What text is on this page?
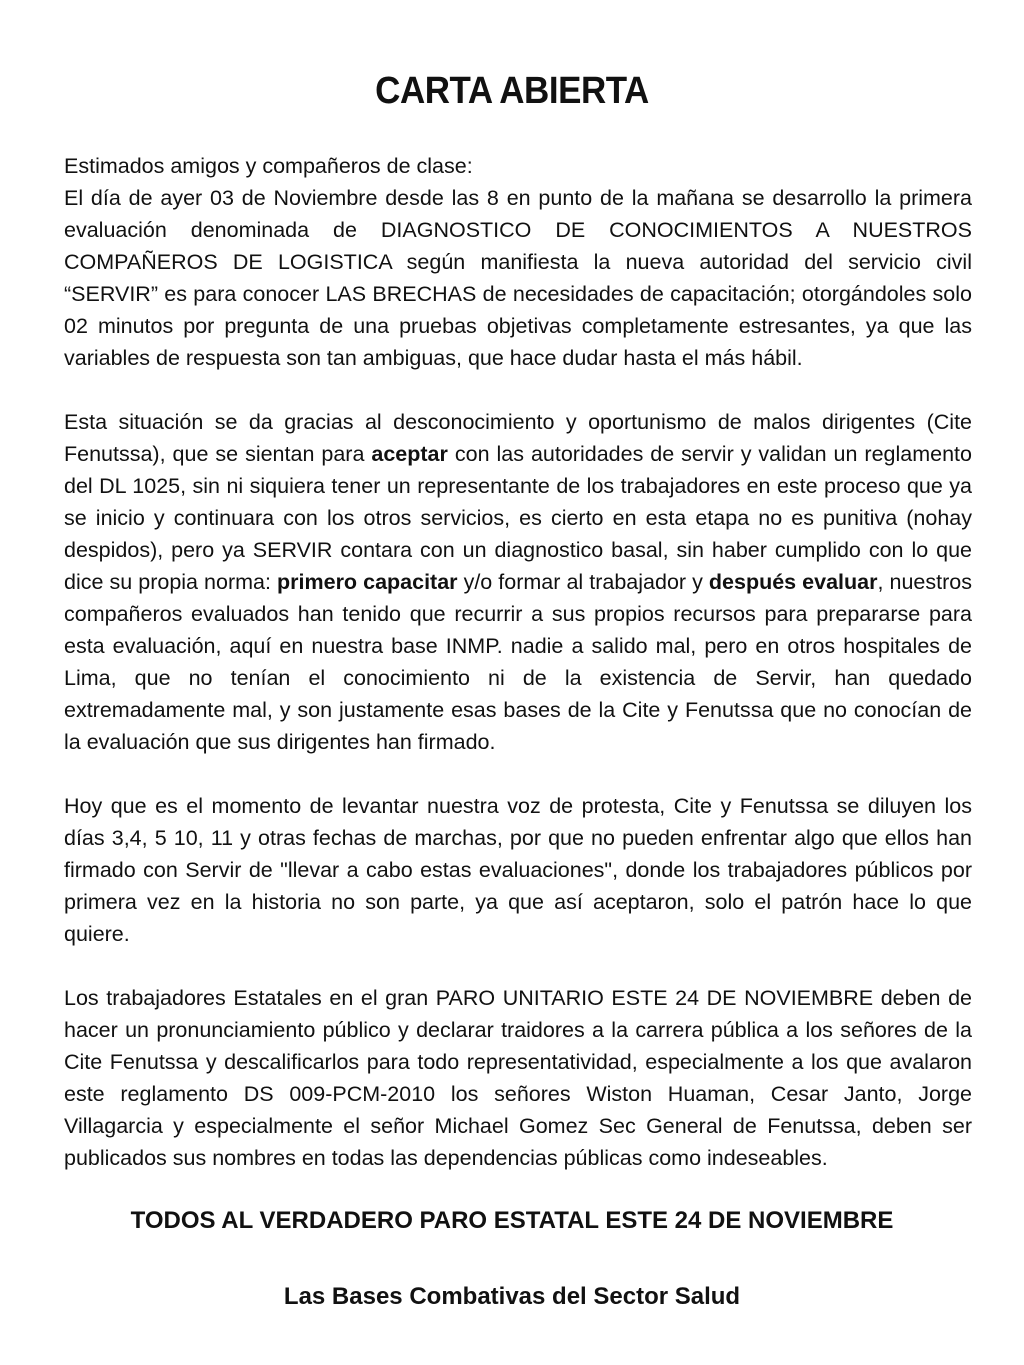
CARTA ABIERTA

Estimados amigos y compañeros de clase:

El día de ayer 03 de Noviembre desde las 8 en punto de la mañana se desarrollo la primera evaluación denominada de DIAGNOSTICO DE CONOCIMIENTOS A NUESTROS COMPAÑEROS DE LOGISTICA según manifiesta la nueva autoridad del servicio civil “SERVIR” es para conocer LAS BRECHAS de necesidades de capacitación; otorgándoles solo 02 minutos por pregunta de una pruebas objetivas completamente estresantes, ya que las variables de respuesta son tan ambiguas, que hace dudar hasta el más hábil.

Esta situación se da gracias al desconocimiento y oportunismo de malos dirigentes (Cite Fenutssa), que se sientan para aceptar con las autoridades de servir y validan un reglamento del DL 1025, sin ni siquiera tener un representante de los trabajadores en este proceso que ya se inicio y continuara con los otros servicios, es cierto en esta etapa no es punitiva (nohay despidos), pero ya SERVIR contara con un diagnostico basal, sin haber cumplido con lo que dice su propia norma: primero capacitar y/o formar al trabajador y después evaluar, nuestros compañeros evaluados han tenido que recurrir a sus propios recursos para prepararse para esta evaluación, aquí en nuestra base INMP. nadie a salido mal, pero en otros hospitales de Lima, que no tenían el conocimiento ni de la existencia de Servir, han quedado extremadamente mal, y son justamente esas bases de la Cite y Fenutssa que no conocían de la evaluación que sus dirigentes han firmado.

Hoy que es el momento de levantar nuestra voz de protesta, Cite y Fenutssa se diluyen los días 3,4, 5 10, 11 y otras fechas de marchas, por que no pueden enfrentar algo que ellos han firmado con Servir de "llevar a cabo estas evaluaciones", donde los trabajadores públicos por primera vez en la historia no son parte, ya que así aceptaron, solo el patrón hace lo que quiere.

Los trabajadores Estatales en el gran PARO UNITARIO ESTE 24 DE NOVIEMBRE deben de hacer un pronunciamiento público y declarar traidores a la carrera pública a los señores de la Cite Fenutssa y descalificarlos para todo representatividad, especialmente a los que avalaron este reglamento DS 009-PCM-2010 los señores Wiston Huaman, Cesar Janto, Jorge Villagarcia y especialmente el señor Michael Gomez Sec General de Fenutssa, deben ser publicados sus nombres en todas las dependencias públicas como indeseables.

TODOS AL VERDADERO PARO ESTATAL ESTE 24 DE NOVIEMBRE
Las Bases Combativas del Sector Salud
